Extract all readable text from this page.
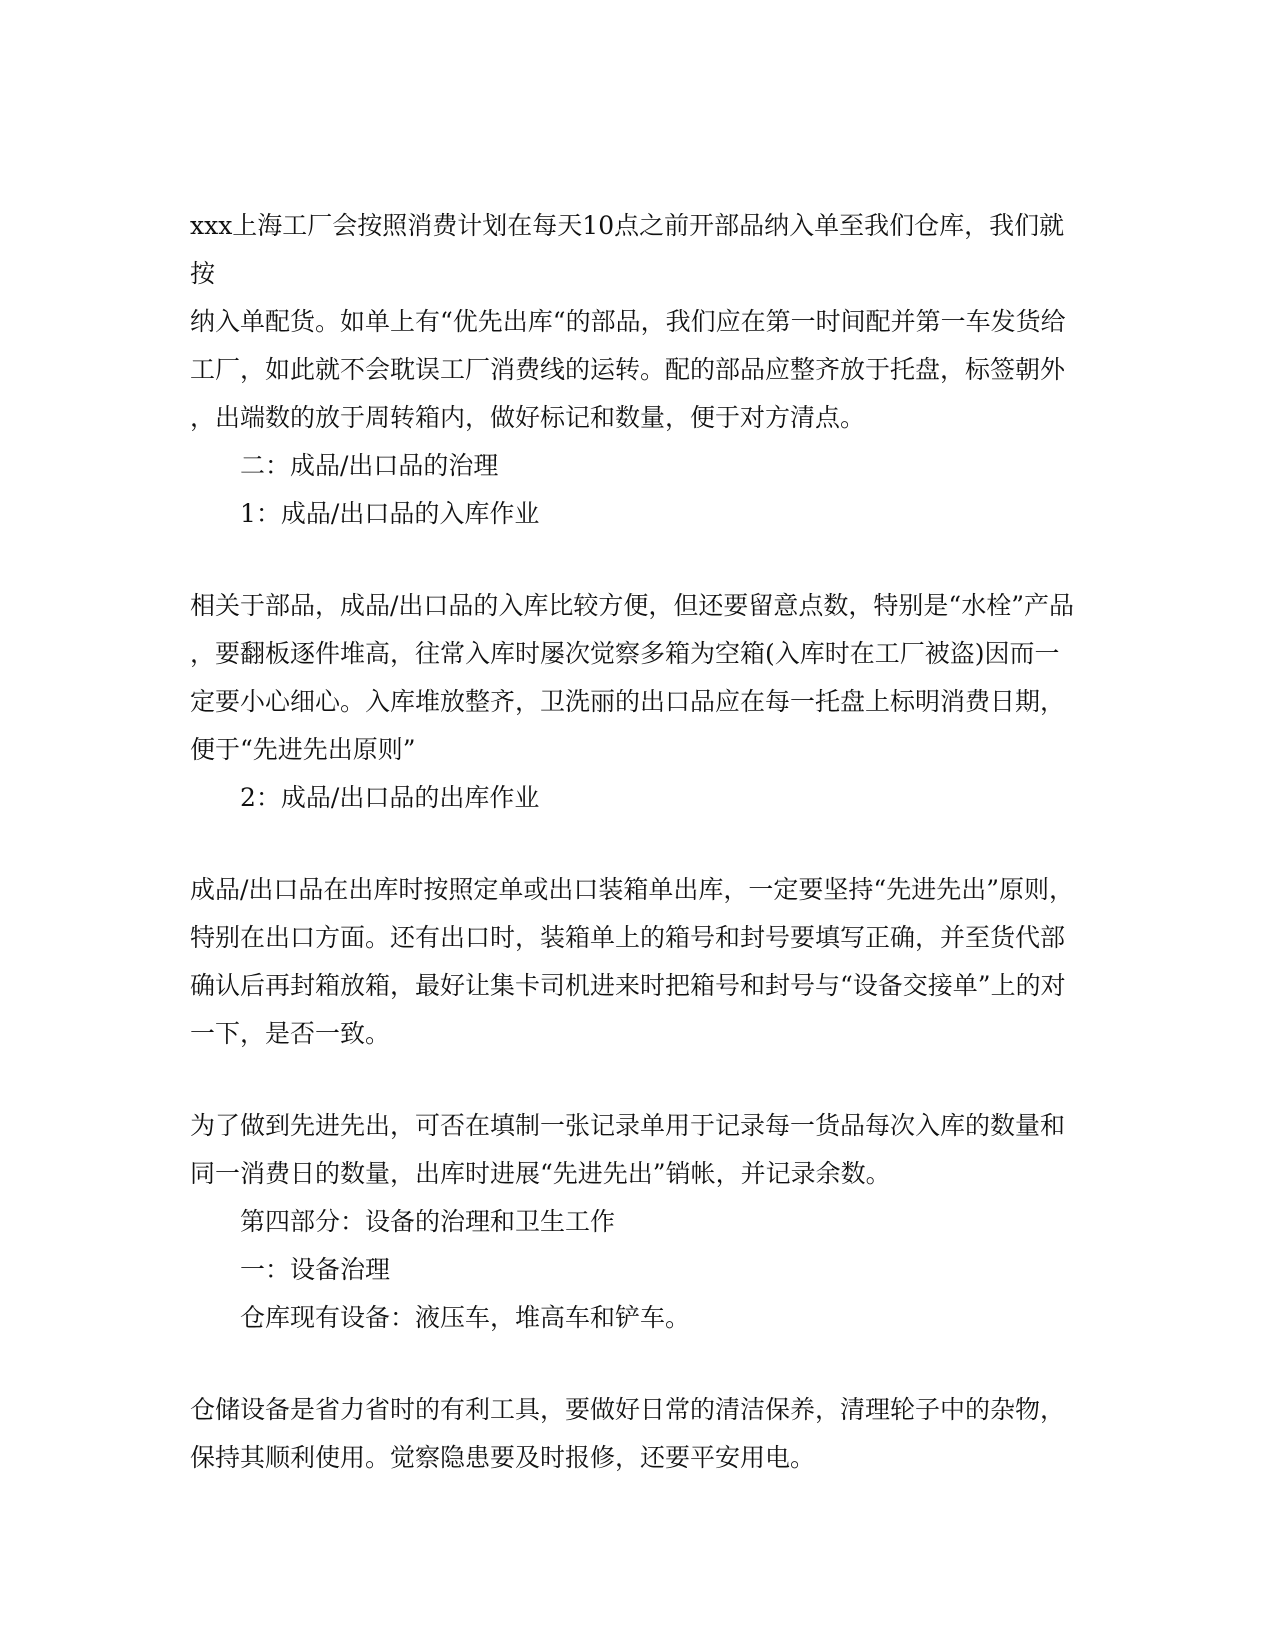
xxx上海工厂会按照消费计划在每天10点之前开部品纳入单至我们仓库，我们就按
纳入单配货。如单上有“优先出库“的部品，我们应在第一时间配并第一车发货给
工厂，如此就不会耽误工厂消费线的运转。配的部品应整齐放于托盘，标签朝外
，出端数的放于周转箱内，做好标记和数量，便于对方清点。
二：成品/出口品的治理
1：成品/出口品的入库作业
相关于部品，成品/出口品的入库比较方便，但还要留意点数，特别是“水栓”产品
，要翻板逐件堆高，往常入库时屡次觉察多箱为空箱(入库时在工厂被盗)因而一
定要小心细心。入库堆放整齐，卫洗丽的出口品应在每一托盘上标明消费日期，
便于“先进先出原则”
2：成品/出口品的出库作业
成品/出口品在出库时按照定单或出口装箱单出库，一定要坚持“先进先出”原则，
特别在出口方面。还有出口时，装箱单上的箱号和封号要填写正确，并至货代部
确认后再封箱放箱，最好让集卡司机进来时把箱号和封号与“设备交接单”上的对
一下，是否一致。
为了做到先进先出，可否在填制一张记录单用于记录每一货品每次入库的数量和
同一消费日的数量，出库时进展“先进先出”销帐，并记录余数。
第四部分：设备的治理和卫生工作
一：设备治理
仓库现有设备：液压车，堆高车和铲车。
仓储设备是省力省时的有利工具，要做好日常的清洁保养，清理轮子中的杂物，
保持其顺利使用。觉察隐患要及时报修，还要平安用电。
